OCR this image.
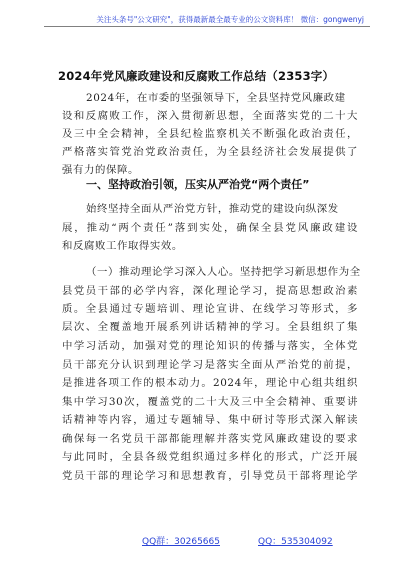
关注头条号"公文研究"，获得最新最全最专业的公文资料库！ 微信：gongwenyj
2024年党风廉政建设和反腐败工作总结（2353字）
2024年，在市委的坚强领导下，全县坚持党风廉政建
设和反腐败工作，深入贯彻新思想，全面落实党的二十大
及三中全会精神，全县纪检监察机关不断强化政治责任，
严格落实管党治党政治责任，为全县经济社会发展提供了
强有力的保障。
一、坚持政治引领，压实从严治党“两个责任”
始终坚持全面从严治党方针，推动党的建设向纵深发
展，推动“两个责任”落到实处，确保全县党风廉政建设
和反腐败工作取得实效。
（一）推动理论学习深入人心。坚持把学习新思想作为全
县党员干部的必学内容，深化理论学习，提高思想政治素
质。全县通过专题培训、理论宣讲、在线学习等形式，多
层次、全覆盖地开展系列讲话精神的学习。全县组织了集
中学习活动，加强对党的理论知识的传播与落实，全体党
员干部充分认识到理论学习是落实全面从严治党的前提，
是推进各项工作的根本动力。2024年，理论中心组共组织
集中学习30次，覆盖党的二十大及三中全会精神、重要讲
话精神等内容，通过专题辅导、集中研讨等形式深入解读
确保每一名党员干部都能理解并落实党风廉政建设的要求
与此同时，全县各级党组织通过多样化的形式，广泛开展
党员干部的理论学习和思想教育，引导党员干部将理论学
QQ群：30265665	QQ：535304092
